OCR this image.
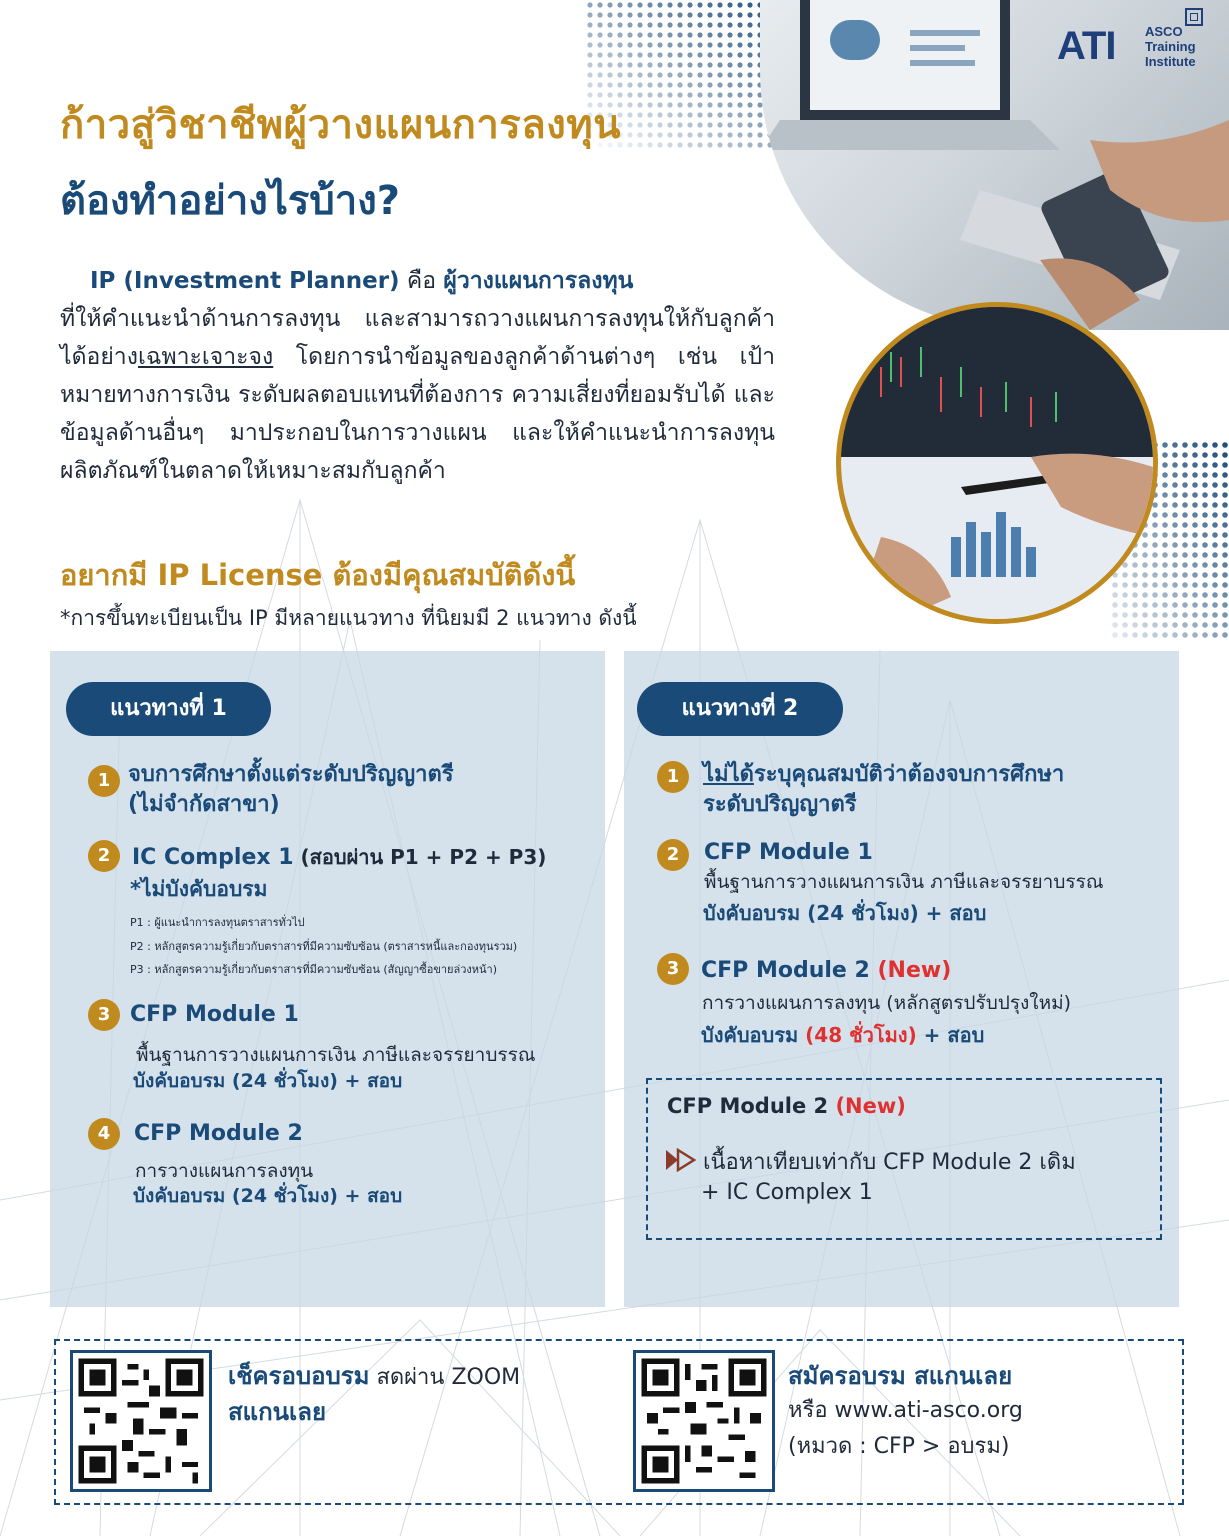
ก้าวสู่วิชาชีพผู้วางแผนการลงทุน
ต้องทำอย่างไรบ้าง?
ATI ASCO
Training
Institute
IP (Investment Planner) คือ ผู้วางแผนการลงทุน
ที่ให้คำแนะนำด้านการลงทุน และสามารถวางแผนการลงทุนให้กับลูกค้าได้อย่างเฉพาะเจาะจง โดยการนำข้อมูลของลูกค้าด้านต่างๆ เช่น เป้าหมายทางการเงิน ระดับผลตอบแทนที่ต้องการ ความเสี่ยงที่ยอมรับได้ และข้อมูลด้านอื่นๆ มาประกอบในการวางแผน และให้คำแนะนำการลงทุนผลิตภัณฑ์ในตลาดให้เหมาะสมกับลูกค้า
อยากมี IP License ต้องมีคุณสมบัติดังนี้
*การขึ้นทะเบียนเป็น IP มีหลายแนวทาง ที่นิยมมี 2 แนวทาง ดังนี้
แนวทางที่ 1
1 จบการศึกษาตั้งแต่ระดับปริญญาตรี
(ไม่จำกัดสาขา)
2 IC Complex 1 (สอบผ่าน P1 + P2 + P3)
*ไม่บังคับอบรม
P1 : ผู้แนะนำการลงทุนตราสารทั่วไป
P2 : หลักสูตรความรู้เกี่ยวกับตราสารที่มีความซับซ้อน (ตราสารหนี้และกองทุนรวม)
P3 : หลักสูตรความรู้เกี่ยวกับตราสารที่มีความซับซ้อน (สัญญาซื้อขายล่วงหน้า)
3 CFP Module 1
พื้นฐานการวางแผนการเงิน ภาษีและจรรยาบรรณ
บังคับอบรม (24 ชั่วโมง) + สอบ
4	CFP Module 2
การวางแผนการลงทุน
บังคับอบรม (24 ชั่วโมง) + สอบ
แนวทางที่ 2
1	ไม่ได้ระบุคุณสมบัติว่าต้องจบการศึกษา
ระดับปริญญาตรี
2	CFP Module 1
พื้นฐานการวางแผนการเงิน ภาษีและจรรยาบรรณ
บังคับอบรม (24 ชั่วโมง) + สอบ
3 CFP Module 2 (New)
การวางแผนการลงทุน (หลักสูตรปรับปรุงใหม่)
บังคับอบรม (48 ชั่วโมง) + สอบ
CFP Module 2 (New)
เนื้อหาเทียบเท่ากับ CFP Module 2 เดิม
+ IC Complex 1
เช็ครอบอบรม สดผ่าน ZOOM
สแกนเลย
สมัครอบรม สแกนเลย
หรือ www.ati-asco.org
(หมวด : CFP > อบรม)
